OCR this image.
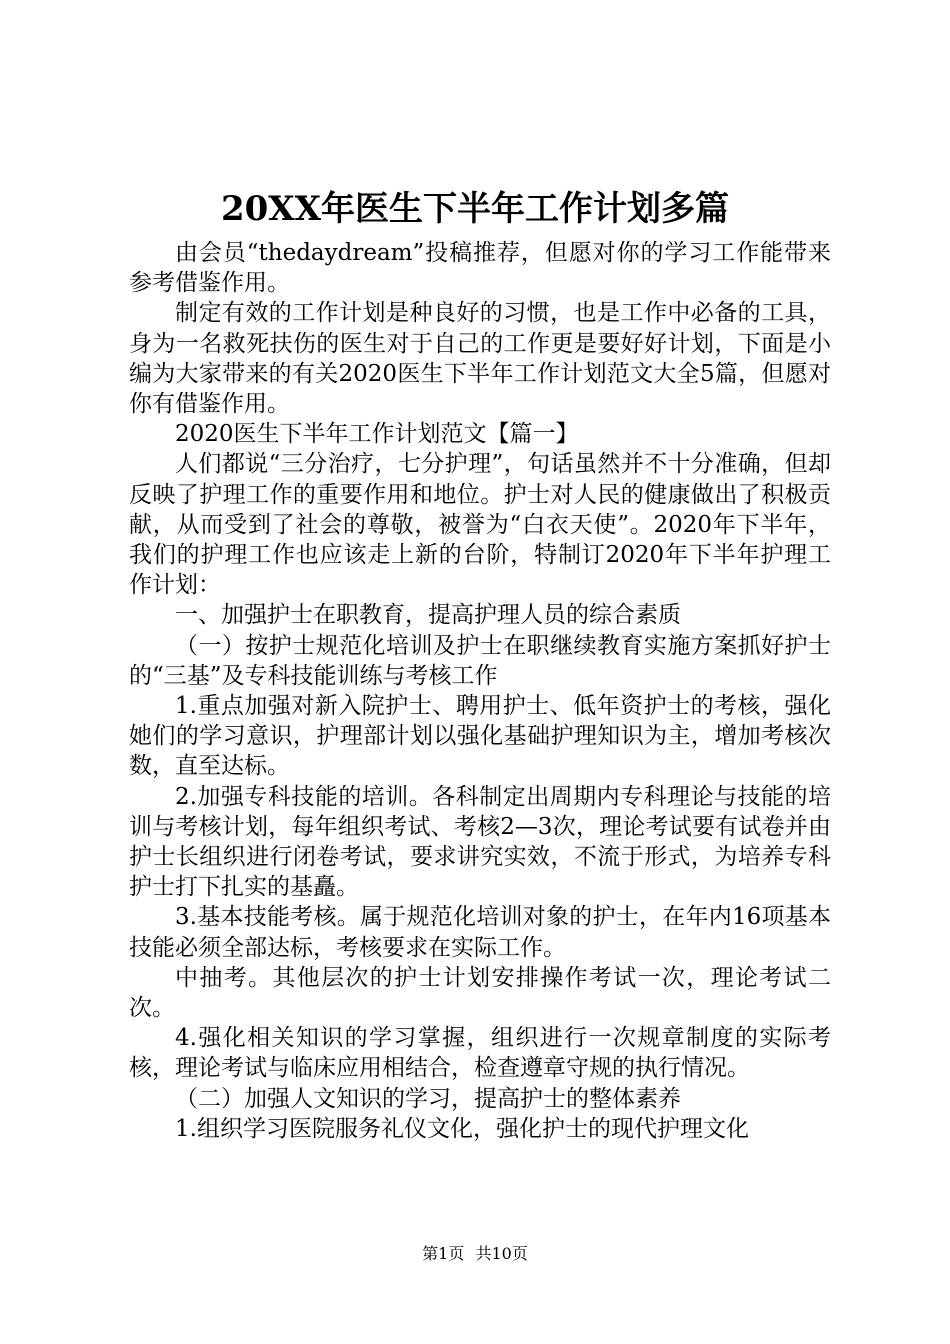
20XX年医生下半年工作计划多篇

由会员“thedaydream”投稿推荐，但愿对你的学习工作能带来参考借鉴作用。

制定有效的工作计划是种良好的习惯，也是工作中必备的工具，身为一名救死扶伤的医生对于自己的工作更是要好好计划，下面是小编为大家带来的有关2020医生下半年工作计划范文大全5篇，但愿对你有借鉴作用。

2020医生下半年工作计划范文【篇一】

人们都说“三分治疗，七分护理”，句话虽然并不十分准确，但却反映了护理工作的重要作用和地位。护士对人民的健康做出了积极贡献，从而受到了社会的尊敬，被誉为“白衣天使”。2020年下半年，我们的护理工作也应该走上新的台阶，特制订2020年下半年护理工作计划：

一、加强护士在职教育，提高护理人员的综合素质

（一）按护士规范化培训及护士在职继续教育实施方案抓好护士的“三基”及专科技能训练与考核工作

1.重点加强对新入院护士、聘用护士、低年资护士的考核，强化她们的学习意识，护理部计划以强化基础护理知识为主，增加考核次数，直至达标。

2.加强专科技能的培训。各科制定出周期内专科理论与技能的培训与考核计划，每年组织考试、考核2—3次，理论考试要有试卷并由护士长组织进行闭卷考试，要求讲究实效，不流于形式，为培养专科护士打下扎实的基矗。

3.基本技能考核。属于规范化培训对象的护士，在年内16项基本技能必须全部达标，考核要求在实际工作。

中抽考。其他层次的护士计划安排操作考试一次，理论考试二次。

4.强化相关知识的学习掌握，组织进行一次规章制度的实际考核，理论考试与临床应用相结合，检查遵章守规的执行情况。

（二）加强人文知识的学习，提高护士的整体素养

1.组织学习医院服务礼仪文化，强化护士的现代护理文化

第1页 共10页
